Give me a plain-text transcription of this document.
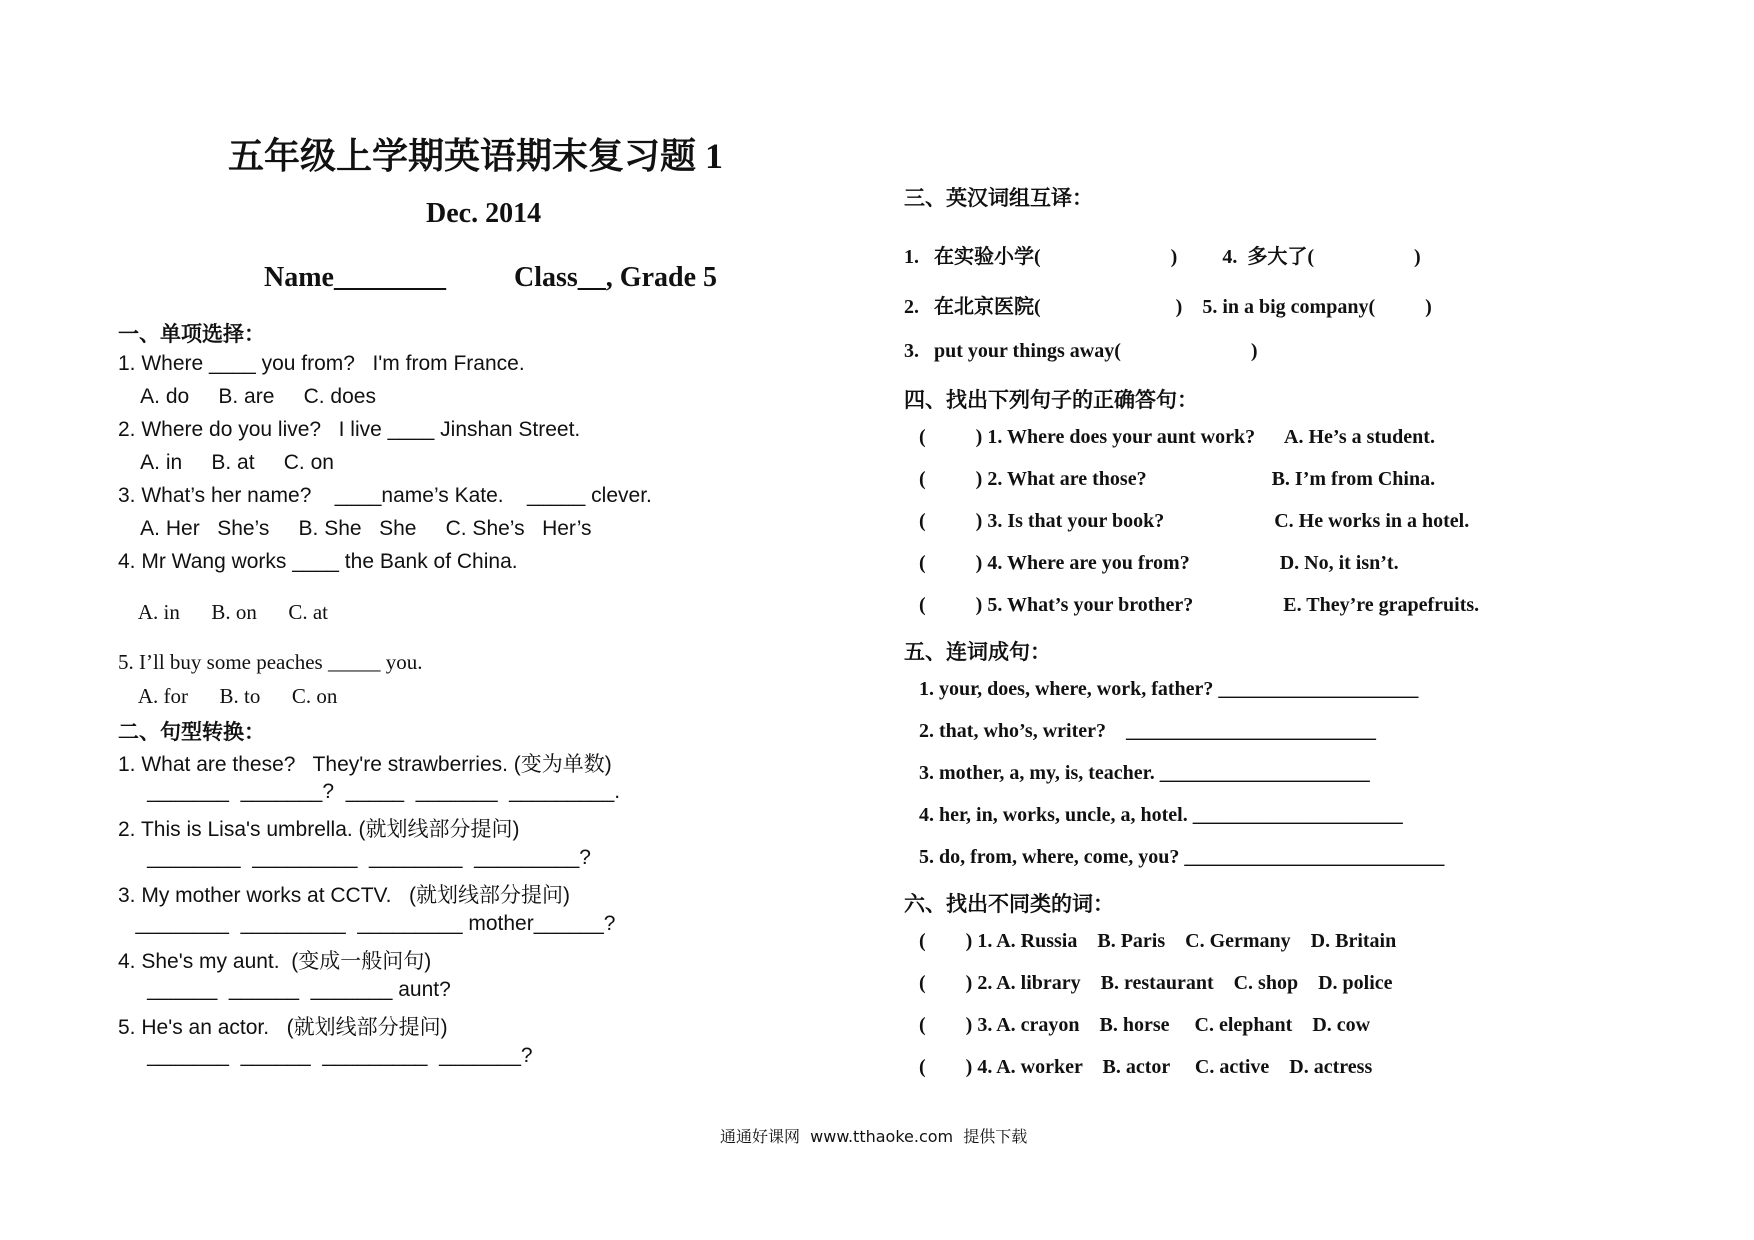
五年级上学期英语期末复习题 1
Dec. 2014
Name________ Class__, Grade 5
一、单项选择：
1. Where ____ you from?   I'm from France.
A. do     B. are     C. does
2. Where do you live?   I live ____ Jinshan Street.
A. in     B. at     C. on
3. What’s her name?    ____name’s Kate.    _____ clever.
A. Her   She’s     B. She   She     C. She’s   Her’s
4. Mr Wang works ____ the Bank of China.
A. in      B. on      C. at
5. I’ll buy some peaches _____ you.
A. for      B. to      C. on
二、句型转换：
1. What are these?   They're strawberries. (变为单数)
_______  _______?  _____  _______  _________.
2. This is Lisa's umbrella. (就划线部分提问)
________  _________  ________  _________?
3. My mother works at CCTV.   (就划线部分提问)
________  _________  _________ mother______?
4. She's my aunt.  (变成一般问句)
______  ______  _______ aunt?
5. He's an actor.   (就划线部分提问)
_______  ______  _________  _______?
三、英汉词组互译：
1.   在实验小学(                          )         4.  多大了(                    )
2.   在北京医院(                           )    5. in a big company(          )
3.   put your things away(                          )
四、找出下列句子的正确答句：
(          ) 1. Where does your aunt work?      A. He’s a student.
(          ) 2. What are those?                         B. I’m from China.
(          ) 3. Is that your book?                      C. He works in a hotel.
(          ) 4. Where are you from?                  D. No, it isn’t.
(          ) 5. What’s your brother?                  E. They’re grapefruits.
五、连词成句：
1. your, does, where, work, father? ____________________
2. that, who’s, writer?    _________________________
3. mother, a, my, is, teacher. _____________________
4. her, in, works, uncle, a, hotel. _____________________
5. do, from, where, come, you? __________________________
六、找出不同类的词：
(        ) 1. A. Russia    B. Paris    C. Germany    D. Britain
(        ) 2. A. library    B. restaurant    C. shop    D. police
(        ) 3. A. crayon    B. horse     C. elephant    D. cow
(        ) 4. A. worker    B. actor     C. active    D. actress
通通好课网  www.tthaoke.com  提供下载
